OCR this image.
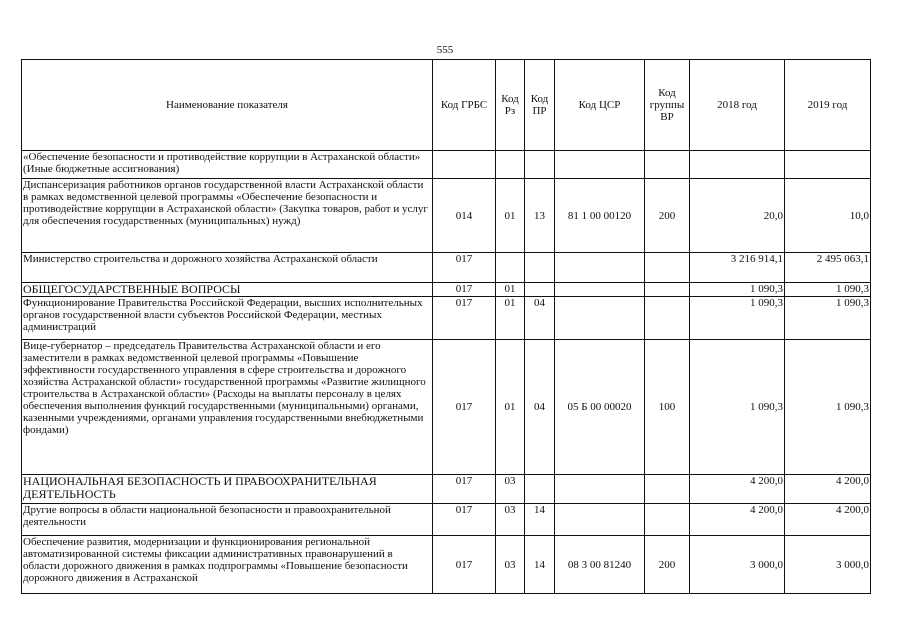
555
Наименование показателя	Код ГРБС	Код Рз	Код ПР	Код ЦСР	Код группы ВР	2018 год	2019 год
«Обеспечение безопасности и противодействие коррупции в Астраханской области» (Иные бюджетные ассигнования)							
Диспансеризация работников органов государственной власти Астраханской области в рамках ведомственной целевой программы «Обеспечение безопасности и противодействие коррупции в Астраханской области» (Закупка товаров, работ и услуг для обеспечения государственных (муниципальных) нужд)	014	01	13	81 1 00 00120	200	20,0	10,0
Министерство строительства и дорожного хозяйства Астраханской области	017					3 216 914,1	2 495 063,1
ОБЩЕГОСУДАРСТВЕННЫЕ ВОПРОСЫ	017	01				1 090,3	1 090,3
Функционирование Правительства Российской Федерации, высших исполнительных органов государственной власти субъектов Российской Федерации, местных администраций	017	01	04			1 090,3	1 090,3
Вице-губернатор – председатель Правительства Астраханской области и его заместители в рамках ведомственной целевой программы «Повышение эффективности государственного управления в сфере строительства и дорожного хозяйства Астраханской области» государственной программы «Развитие жилищного строительства в Астраханской области» (Расходы на выплаты персоналу в целях обеспечения выполнения функций государственными (муниципальными) органами, казенными учреждениями, органами управления государственными внебюджетными фондами)	017	01	04	05 Б 00 00020	100	1 090,3	1 090,3
НАЦИОНАЛЬНАЯ БЕЗОПАСНОСТЬ И ПРАВООХРАНИТЕЛЬНАЯ ДЕЯТЕЛЬНОСТЬ	017	03				4 200,0	4 200,0
Другие вопросы в области национальной безопасности и правоохранительной деятельности	017	03	14			4 200,0	4 200,0
Обеспечение развития, модернизации и функционирования региональной автоматизированной системы фиксации административных правонарушений в области дорожного движения в рамках подпрограммы «Повышение безопасности дорожного движения в Астраханской	017	03	14	08 3 00 81240	200	3 000,0	3 000,0
